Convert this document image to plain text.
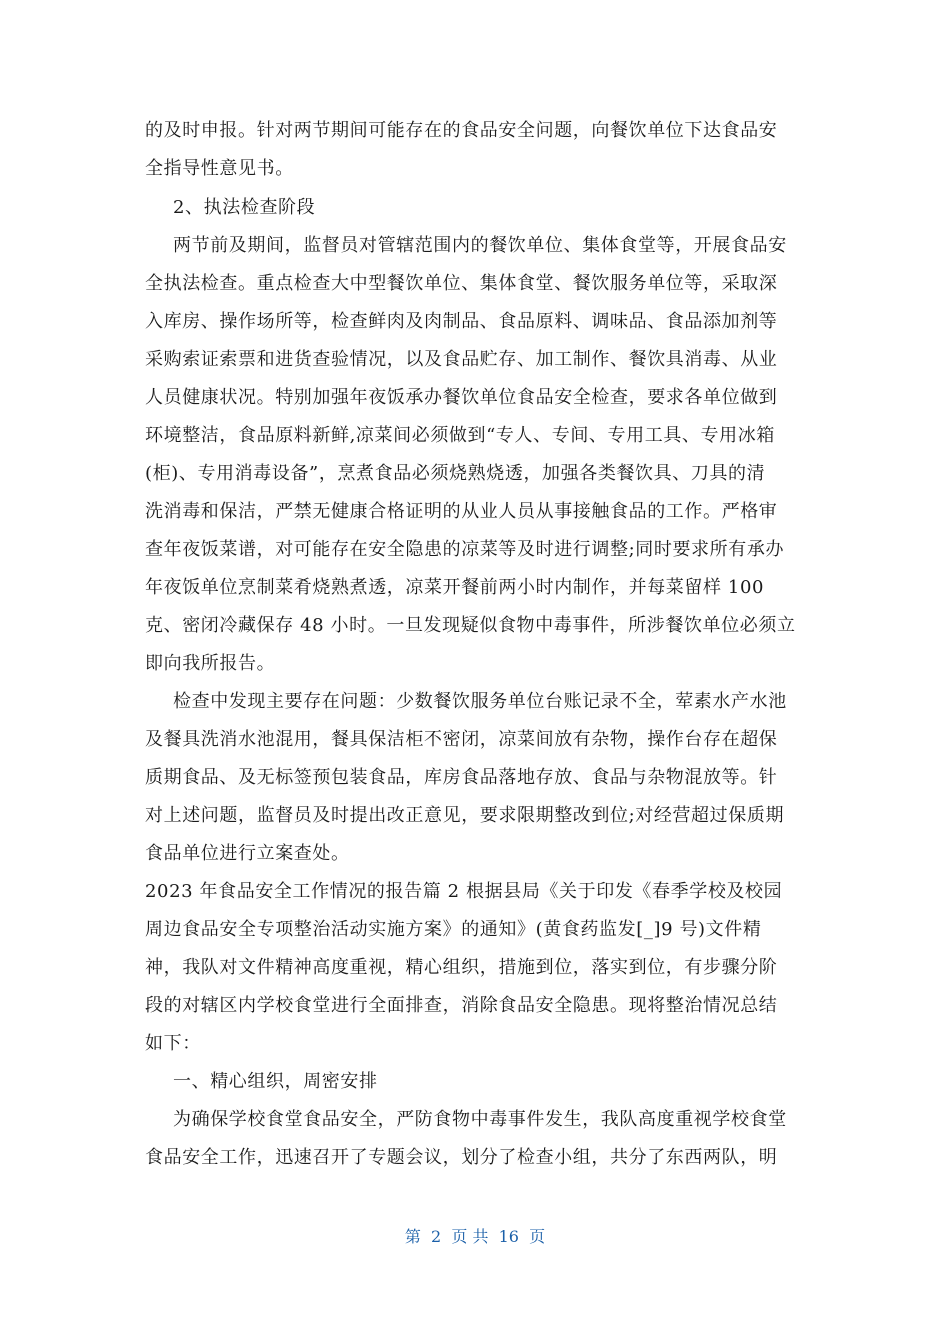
的及时申报。针对两节期间可能存在的食品安全问题，向餐饮单位下达食品安
全指导性意见书。
2、执法检查阶段
两节前及期间，监督员对管辖范围内的餐饮单位、集体食堂等，开展食品安
全执法检查。重点检查大中型餐饮单位、集体食堂、餐饮服务单位等，采取深
入库房、操作场所等，检查鲜肉及肉制品、食品原料、调味品、食品添加剂等
采购索证索票和进货查验情况，以及食品贮存、加工制作、餐饮具消毒、从业
人员健康状况。特别加强年夜饭承办餐饮单位食品安全检查，要求各单位做到
环境整洁，食品原料新鲜,凉菜间必须做到“专人、专间、专用工具、专用冰箱
(柜)、专用消毒设备”，烹煮食品必须烧熟烧透，加强各类餐饮具、刀具的清
洗消毒和保洁，严禁无健康合格证明的从业人员从事接触食品的工作。严格审
查年夜饭菜谱，对可能存在安全隐患的凉菜等及时进行调整;同时要求所有承办
年夜饭单位烹制菜肴烧熟煮透，凉菜开餐前两小时内制作，并每菜留样 100
克、密闭冷藏保存 48 小时。一旦发现疑似食物中毒事件，所涉餐饮单位必须立
即向我所报告。
检查中发现主要存在问题：少数餐饮服务单位台账记录不全，荤素水产水池
及餐具洗消水池混用，餐具保洁柜不密闭，凉菜间放有杂物，操作台存在超保
质期食品、及无标签预包装食品，库房食品落地存放、食品与杂物混放等。针
对上述问题，监督员及时提出改正意见，要求限期整改到位;对经营超过保质期
食品单位进行立案查处。
2023 年食品安全工作情况的报告篇 2 根据县局《关于印发《春季学校及校园
周边食品安全专项整治活动实施方案》的通知》(黄食药监发[_]9 号)文件精
神，我队对文件精神高度重视，精心组织，措施到位，落实到位，有步骤分阶
段的对辖区内学校食堂进行全面排查，消除食品安全隐患。现将整治情况总结
如下：
一、精心组织，周密安排
为确保学校食堂食品安全，严防食物中毒事件发生，我队高度重视学校食堂
食品安全工作，迅速召开了专题会议，划分了检查小组，共分了东西两队，明
第  2  页 共  16  页
